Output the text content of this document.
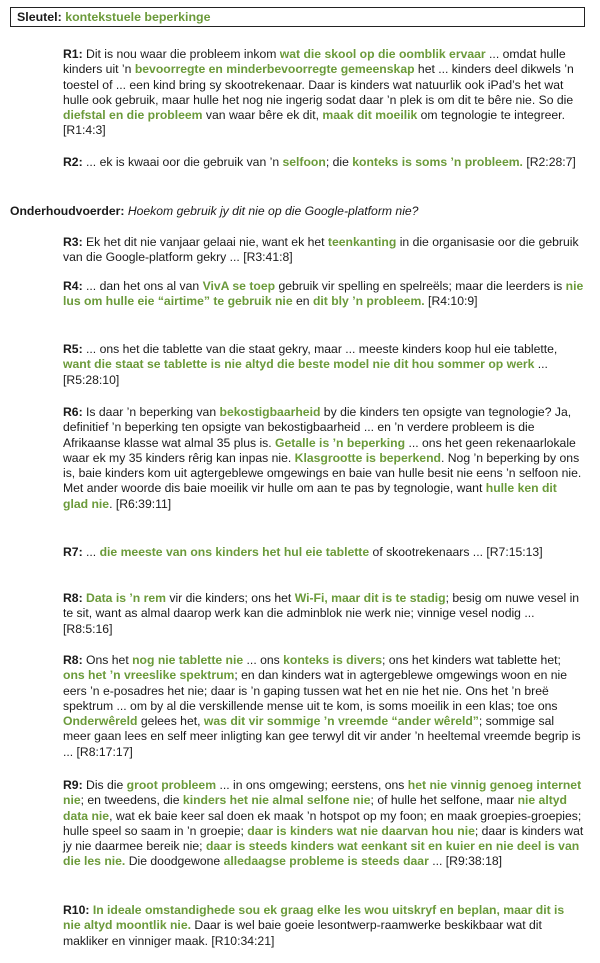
Sleutel: kontekstuele beperkinge

R1: Dit is nou waar die probleem inkom wat die skool op die oomblik ervaar ... omdat hulle kinders uit ’n bevoorregte en minderbevoorregte gemeenskap het ... kinders deel dikwels ’n toestel of ... een kind bring sy skootrekenaar. Daar is kinders wat natuurlik ook iPad’s het wat hulle ook gebruik, maar hulle het nog nie ingerig sodat daar ’n plek is om dit te bêre nie. So die diefstal en die probleem van waar bêre ek dit, maak dit moeilik om tegnologie te integreer. [R1:4:3]

R2: ... ek is kwaai oor die gebruik van ’n selfoon; die konteks is soms ’n probleem. [R2:28:7]

Onderhoudvoerder: Hoekom gebruik jy dit nie op die Google-platform nie?

R3: Ek het dit nie vanjaar gelaai nie, want ek het teenkanting in die organisasie oor die gebruik van die Google-platform gekry ... [R3:41:8]

R4: ... dan het ons al van VivA se toep gebruik vir spelling en spelreëls; maar die leerders is nie lus om hulle eie “airtime” te gebruik nie en dit bly ’n probleem. [R4:10:9]

R5: ... ons het die tablette van die staat gekry, maar ... meeste kinders koop hul eie tablette, want die staat se tablette is nie altyd die beste model nie dit hou sommer op werk ... [R5:28:10]

R6: Is daar ’n beperking van bekostigbaarheid by die kinders ten opsigte van tegnologie? Ja, definitief ’n beperking ten opsigte van bekostigbaarheid ... en ’n verdere probleem is die Afrikaanse klasse wat almal 35 plus is. Getalle is ’n beperking ... ons het geen rekenaarlokale waar ek my 35 kinders rêrig kan inpas nie. Klasgrootte is beperkend. Nog ’n beperking by ons is, baie kinders kom uit agtergeblewe omgewings en baie van hulle besit nie eens ’n selfoon nie. Met ander woorde dis baie moeilik vir hulle om aan te pas by tegnologie, want hulle ken dit glad nie. [R6:39:11]

R7: ... die meeste van ons kinders het hul eie tablette of skootrekenaars ... [R7:15:13]

R8: Data is ’n rem vir die kinders; ons het Wi-Fi, maar dit is te stadig; besig om nuwe vesel in te sit, want as almal daarop werk kan die adminblok nie werk nie; vinnige vesel nodig ... [R8:5:16]

R8: Ons het nog nie tablette nie ... ons konteks is divers; ons het kinders wat tablette het; ons het ’n vreeslike spektrum; en dan kinders wat in agtergeblewe omgewings woon en nie eers ’n e-posadres het nie; daar is ’n gaping tussen wat het en nie het nie. Ons het ’n breë spektrum ... om by al die verskillende mense uit te kom, is soms moeilik in een klas; toe ons Onderwêreld gelees het, was dit vir sommige ’n vreemde “ander wêreld”; sommige sal meer gaan lees en self meer inligting kan gee terwyl dit vir ander ’n heeltemal vreemde begrip is ... [R8:17:17]

R9: Dis die groot probleem ... in ons omgewing; eerstens, ons het nie vinnig genoeg internet nie; en tweedens, die kinders het nie almal selfone nie; of hulle het selfone, maar nie altyd data nie, wat ek baie keer sal doen ek maak ’n hotspot op my foon; en maak groepies-groepies; hulle speel so saam in ’n groepie; daar is kinders wat nie daarvan hou nie; daar is kinders wat jy nie daarmee bereik nie; daar is steeds kinders wat eenkant sit en kuier en nie deel is van die les nie. Die doodgewone alledaagse probleme is steeds daar ... [R9:38:18]

R10: In ideale omstandighede sou ek graag elke les wou uitskryf en beplan, maar dit is nie altyd moontlik nie. Daar is wel baie goeie lesontwerp-raamwerke beskikbaar wat dit makliker en vinniger maak. [R10:34:21]
